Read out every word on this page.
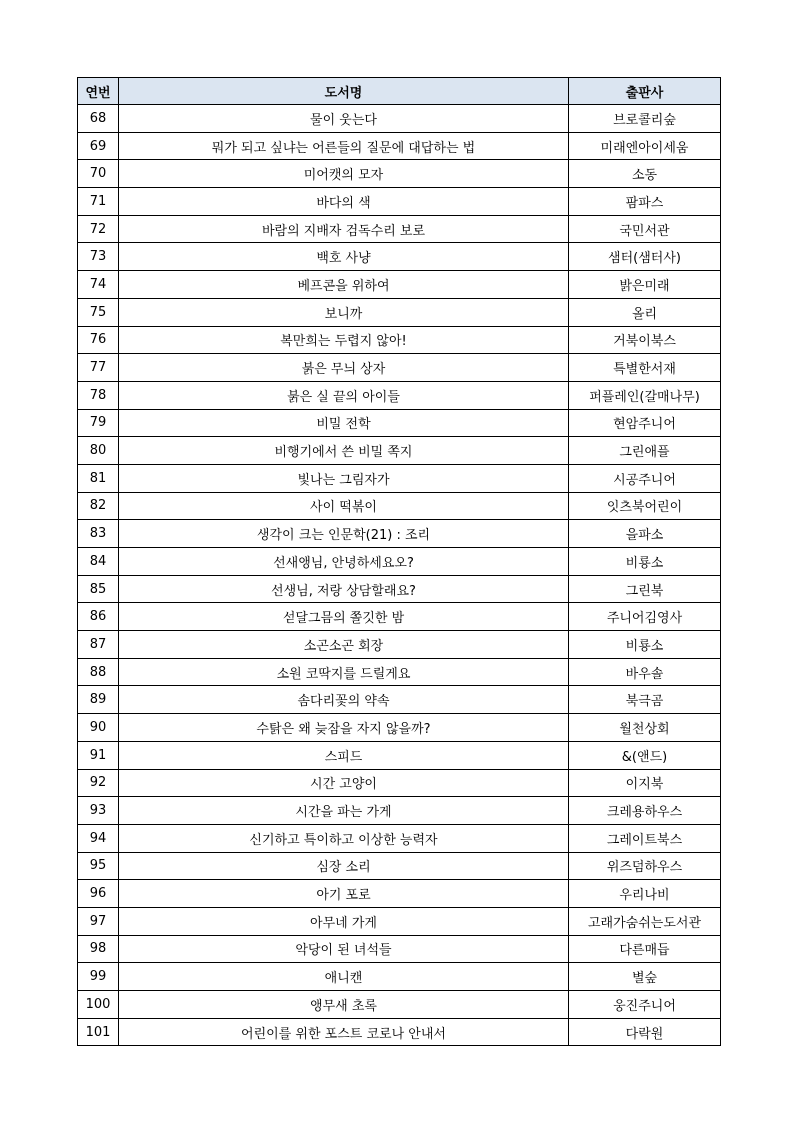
연번	도서명	출판사
68	물이 웃는다	브로콜리숲
69	뭐가 되고 싶냐는 어른들의 질문에 대답하는 법	미래엔아이세움
70	미어캣의 모자	소동
71	바다의 색	팜파스
72	바람의 지배자 검독수리 보로	국민서관
73	백호 사냥	샘터(샘터사)
74	베프콘을 위하여	밝은미래
75	보니까	올리
76	복만희는 두렵지 않아!	거북이북스
77	붉은 무늬 상자	특별한서재
78	붉은 실 끝의 아이들	퍼플레인(갈매나무)
79	비밀 전학	현암주니어
80	비행기에서 쓴 비밀 쪽지	그린애플
81	빛나는 그림자가	시공주니어
82	사이 떡볶이	잇츠북어린이
83	생각이 크는 인문학(21) : 조리	을파소
84	선새앵님, 안녕하세요오?	비룡소
85	선생님, 저랑 상담할래요?	그린북
86	섣달그믐의 쫄깃한 밤	주니어김영사
87	소곤소곤 회장	비룡소
88	소원 코딱지를 드릴게요	바우솔
89	솜다리꽃의 약속	북극곰
90	수탉은 왜 늦잠을 자지 않을까?	월천상회
91	스피드	&(앤드)
92	시간 고양이	이지북
93	시간을 파는 가게	크레용하우스
94	신기하고 특이하고 이상한 능력자	그레이트북스
95	심장 소리	위즈덤하우스
96	아기 포로	우리나비
97	아무네 가게	고래가숨쉬는도서관
98	악당이 된 녀석들	다른매듭
99	애니캔	별숲
100	앵무새 초록	웅진주니어
101	어린이를 위한 포스트 코로나 안내서	다락원
